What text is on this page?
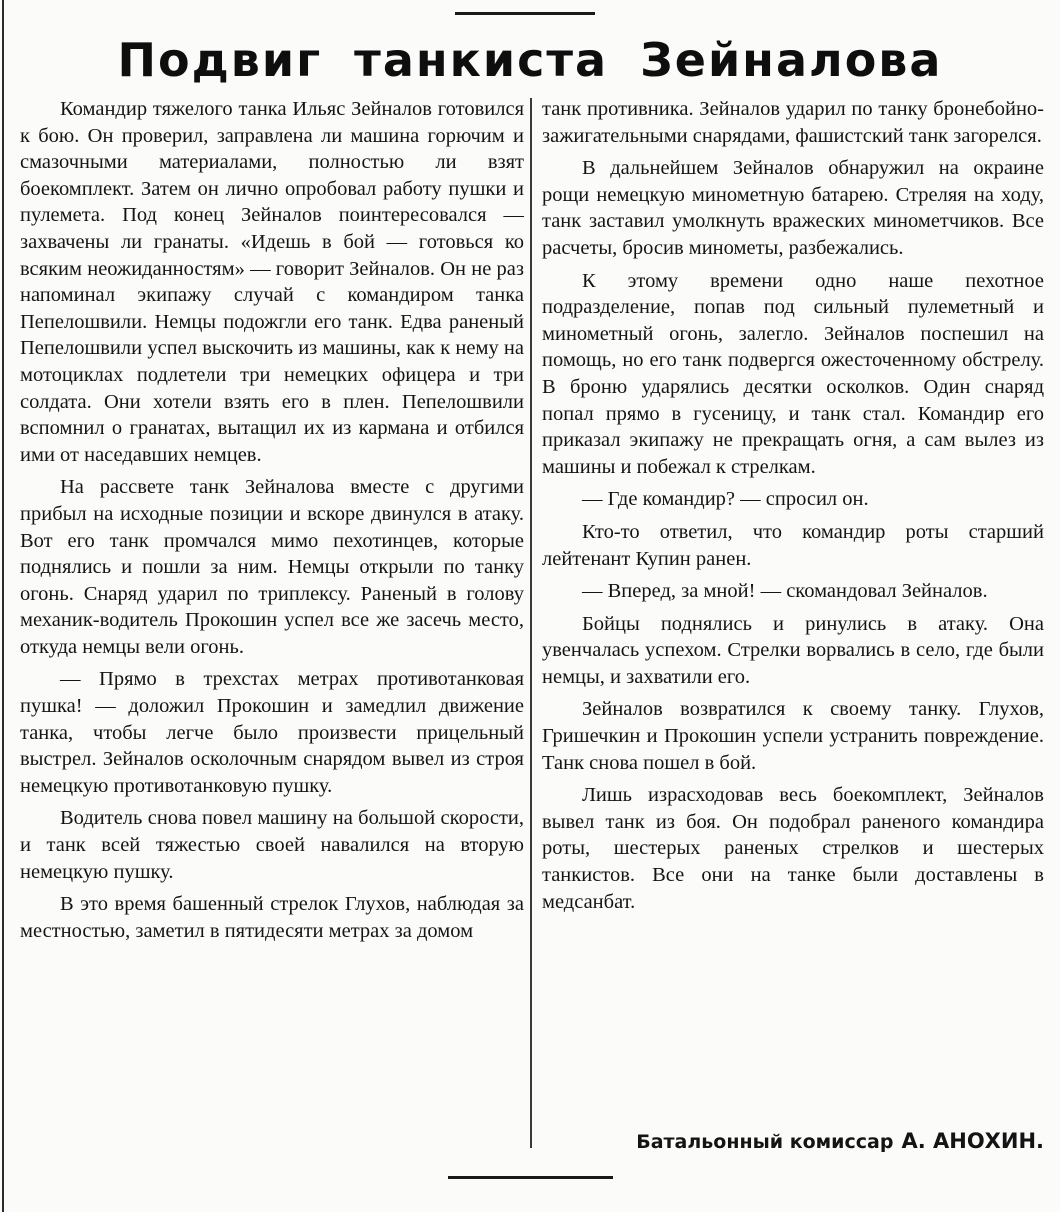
Подвиг танкиста Зейналова

Командир тяжелого танка Ильяс Зейналов готовился к бою. Он проверил, заправлена ли машина горючим и смазочными материалами, полностью ли взят боекомплект. Затем он лично опробовал работу пушки и пулемета. Под конец Зейналов поинтересовался — захвачены ли гранаты. «Идешь в бой — готовься ко всяким неожиданностям» — говорит Зейналов. Он не раз напоминал экипажу случай с командиром танка Пепелошвили. Немцы подожгли его танк. Едва раненый Пепелошвили успел выскочить из машины, как к нему на мотоциклах подлетели три немецких офицера и три солдата. Они хотели взять его в плен. Пепелошвили вспомнил о гранатах, вытащил их из кармана и отбился ими от наседавших немцев.

На рассвете танк Зейналова вместе с другими прибыл на исходные позиции и вскоре двинулся в атаку. Вот его танк промчался мимо пехотинцев, которые поднялись и пошли за ним. Немцы открыли по танку огонь. Снаряд ударил по триплексу. Раненый в голову механик-водитель Прокошин успел все же засечь место, откуда немцы вели огонь.

— Прямо в трехстах метрах противотанковая пушка! — доложил Прокошин и замедлил движение танка, чтобы легче было произвести прицельный выстрел. Зейналов осколочным снарядом вывел из строя немецкую противотанковую пушку.

Водитель снова повел машину на большой скорости, и танк всей тяжестью своей навалился на вторую немецкую пушку.

В это время башенный стрелок Глухов, наблюдая за местностью, заметил в пятидесяти метрах за домом

танк противника. Зейналов ударил по танку бронебойно-зажигательными снарядами, фашистский танк загорелся.

В дальнейшем Зейналов обнаружил на окраине рощи немецкую минометную батарею. Стреляя на ходу, танк заставил умолкнуть вражеских минометчиков. Все расчеты, бросив минометы, разбежались.

К этому времени одно наше пехотное подразделение, попав под сильный пулеметный и минометный огонь, залегло. Зейналов поспешил на помощь, но его танк подвергся ожесточенному обстрелу. В броню ударялись десятки осколков. Один снаряд попал прямо в гусеницу, и танк стал. Командир его приказал экипажу не прекращать огня, а сам вылез из машины и побежал к стрелкам.

— Где командир? — спросил он.

Кто-то ответил, что командир роты старший лейтенант Купин ранен.

— Вперед, за мной! — скомандовал Зейналов.

Бойцы поднялись и ринулись в атаку. Она увенчалась успехом. Стрелки ворвались в село, где были немцы, и захватили его.

Зейналов возвратился к своему танку. Глухов, Гришечкин и Прокошин успели устранить повреждение. Танк снова пошел в бой.

Лишь израсходовав весь боекомплект, Зейналов вывел танк из боя. Он подобрал раненого командира роты, шестерых раненых стрелков и шестерых танкистов. Все они на танке были доставлены в медсанбат.

Батальонный комиссар А. АНОХИН.
